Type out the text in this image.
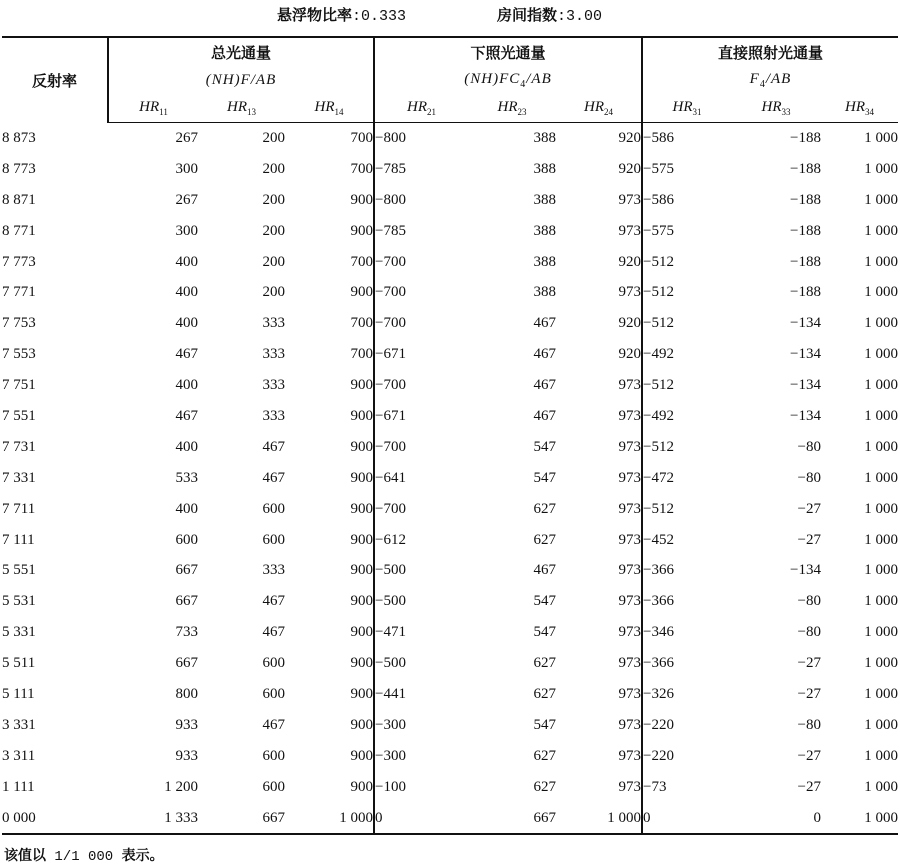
悬浮物比率:0.333	房间指数:3.00
反射率	总光通量			下照光通量			直接照射光通量		
	(NH)F/AB			$(NH)FC_4/AB$			$F_4/AB$		
	$HR_{11}$	$HR_{13}$	$HR_{14}$	$HR_{21}$	$HR_{23}$	$HR_{24}$	$HR_{31}$	$HR_{33}$	$HR_{34}$
8 873	267	200	700	−800	388	920	−586	−188	1 000
8 773	300	200	700	−785	388	920	−575	−188	1 000
8 871	267	200	900	−800	388	973	−586	−188	1 000
8 771	300	200	900	−785	388	973	−575	−188	1 000
7 773	400	200	700	−700	388	920	−512	−188	1 000
7 771	400	200	900	−700	388	973	−512	−188	1 000
7 753	400	333	700	−700	467	920	−512	−134	1 000
7 553	467	333	700	−671	467	920	−492	−134	1 000
7 751	400	333	900	−700	467	973	−512	−134	1 000
7 551	467	333	900	−671	467	973	−492	−134	1 000
7 731	400	467	900	−700	547	973	−512	−80	1 000
7 331	533	467	900	−641	547	973	−472	−80	1 000
7 711	400	600	900	−700	627	973	−512	−27	1 000
7 111	600	600	900	−612	627	973	−452	−27	1 000
5 551	667	333	900	−500	467	973	−366	−134	1 000
5 531	667	467	900	−500	547	973	−366	−80	1 000
5 331	733	467	900	−471	547	973	−346	−80	1 000
5 511	667	600	900	−500	627	973	−366	−27	1 000
5 111	800	600	900	−441	627	973	−326	−27	1 000
3 331	933	467	900	−300	547	973	−220	−80	1 000
3 311	933	600	900	−300	627	973	−220	−27	1 000
1 111	1 200	600	900	−100	627	973	−73	−27	1 000
0 000	1 333	667	1 000	0	667	1 000	0	0	1 000
该值以 1/1 000 表示。
